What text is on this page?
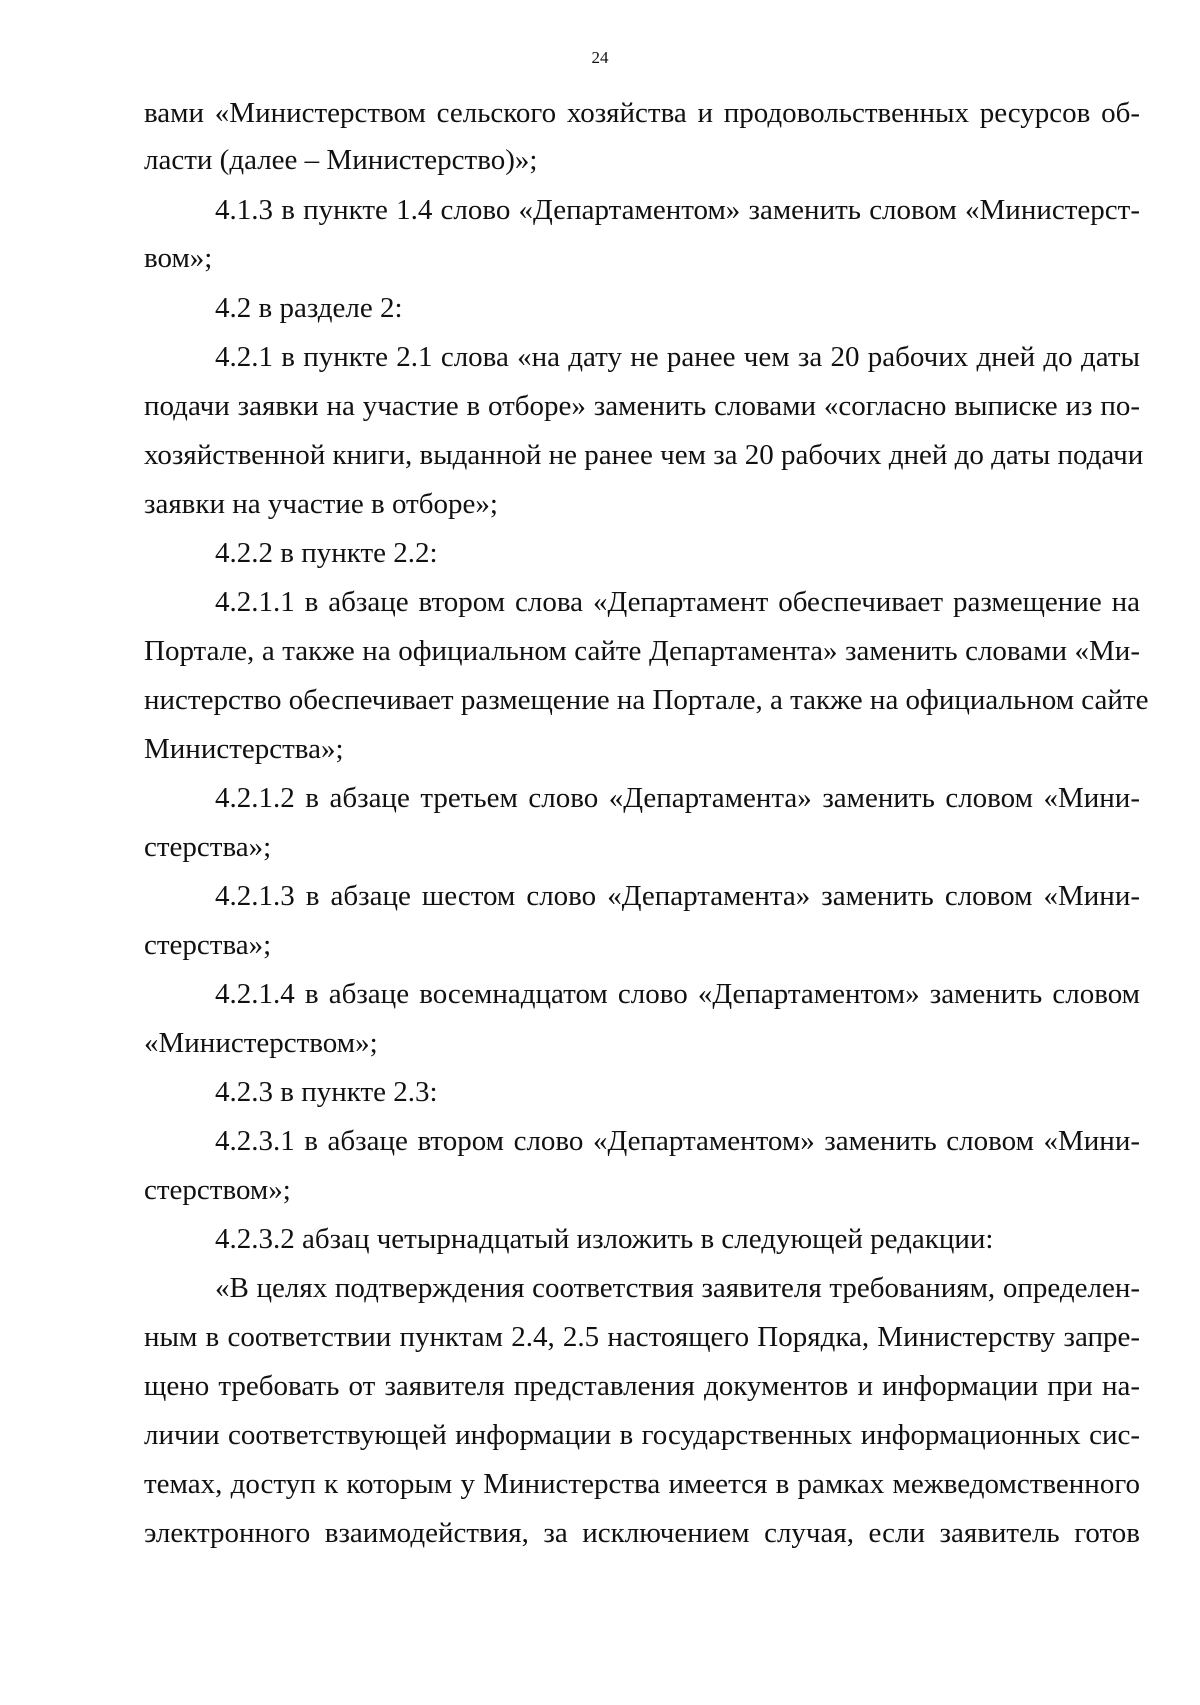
24
вами «Министерством сельского хозяйства и продовольственных ресурсов об-
ласти (далее – Министерство)»;
4.1.3 в пункте 1.4 слово «Департаментом» заменить словом «Министерст-
вом»;
4.2 в разделе 2:
4.2.1 в пункте 2.1 слова «на дату не ранее чем за 20 рабочих дней до даты
подачи заявки на участие в отборе» заменить словами «согласно выписке из по-
хозяйственной книги, выданной не ранее чем за 20 рабочих дней до даты подачи
заявки на участие в отборе»;
4.2.2 в пункте 2.2:
4.2.1.1 в абзаце втором слова «Департамент обеспечивает размещение на
Портале, а также на официальном сайте Департамента» заменить словами «Ми-
нистерство обеспечивает размещение на Портале, а также на официальном сайте
Министерства»;
4.2.1.2 в абзаце третьем слово «Департамента» заменить словом «Мини-
стерства»;
4.2.1.3 в абзаце шестом слово «Департамента» заменить словом «Мини-
стерства»;
4.2.1.4 в абзаце восемнадцатом слово «Департаментом» заменить словом
«Министерством»;
4.2.3 в пункте 2.3:
4.2.3.1 в абзаце втором слово «Департаментом» заменить словом «Мини-
стерством»;
4.2.3.2 абзац четырнадцатый изложить в следующей редакции:
«В целях подтверждения соответствия заявителя требованиям, определен-
ным в соответствии пунктам 2.4, 2.5 настоящего Порядка, Министерству запре-
щено требовать от заявителя представления документов и информации при на-
личии соответствующей информации в государственных информационных сис-
темах, доступ к которым у Министерства имеется в рамках межведомственного
электронного взаимодействия, за исключением случая, если заявитель готов
